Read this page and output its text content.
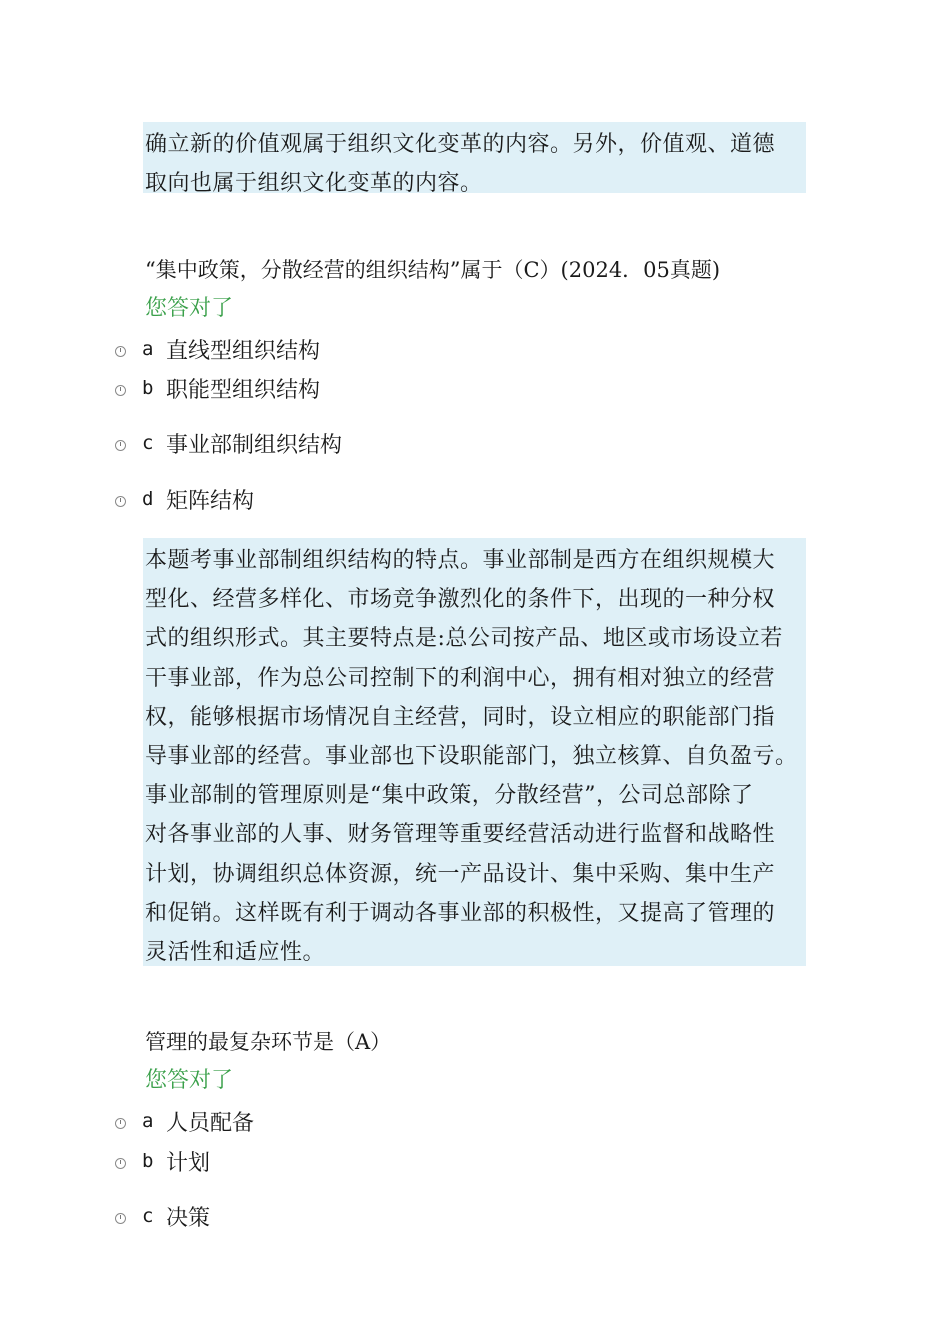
确立新的价值观属于组织文化变革的内容。另外，价值观、道德
取向也属于组织文化变革的内容。
“集中政策，分散经营的组织结构”属于（C）(2024．05真题)
您答对了
a 直线型组织结构
b 职能型组织结构
c 事业部制组织结构
d 矩阵结构
本题考事业部制组织结构的特点。事业部制是西方在组织规模大
型化、经营多样化、市场竞争激烈化的条件下，出现的一种分权
式的组织形式。其主要特点是:总公司按产品、地区或市场设立若
干事业部，作为总公司控制下的利润中心，拥有相对独立的经营
权，能够根据市场情况自主经营，同时，设立相应的职能部门指
导事业部的经营。事业部也下设职能部门，独立核算、自负盈亏。
事业部制的管理原则是“集中政策，分散经营”，公司总部除了
对各事业部的人事、财务管理等重要经营活动进行监督和战略性
计划，协调组织总体资源，统一产品设计、集中采购、集中生产
和促销。这样既有利于调动各事业部的积极性，又提高了管理的
灵活性和适应性。
管理的最复杂环节是（A）
您答对了
a 人员配备
b 计划
c 决策
